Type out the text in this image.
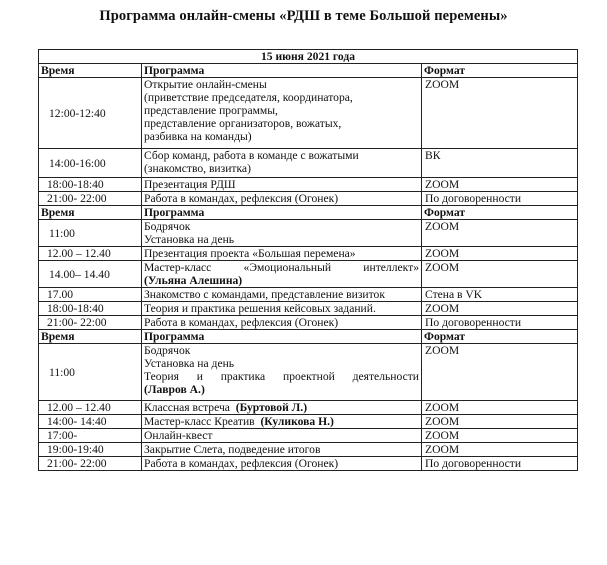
Программа онлайн-смены «РДШ в теме Большой перемены»
15 июня 2021 года		
Время	Программа	Формат
12:00-12:40	Открытие онлайн-смены
(приветствие председателя, координатора,
представление программы,
представление организаторов, вожатых,
разбивка на команды)	ZOOM
14:00-16:00	Сбор команд, работа в команде с вожатыми
(знакомство, визитка)	ВК
18:00-18:40	Презентация РДШ	ZOOM
21:00- 22:00	Работа в командах, рефлексия (Огонек)	По договоренности
Время	Программа	Формат
11:00	Бодрячок
Установка на день	ZOOM
12.00 – 12.40	Презентация проекта «Большая перемена»	ZOOM
14.00– 14.40	Мастер-класс «Эмоциональный интеллект»
(Ульяна Алешина)	ZOOM
17.00	Знакомство с командами, представление визиток	Стена в VK
18:00-18:40	Теория и практика решения кейсовых заданий.	ZOOM
21:00- 22:00	Работа в командах, рефлексия (Огонек)	По договоренности
Время	Программа	Формат
11:00	Бодрячок
Установка на день
Теория и практика проектной деятельности
(Лавров А.)	ZOOM
12.00 – 12.40	Классная встреча (Буртовой Л.)	ZOOM
14:00- 14:40	Мастер-класс Креатив (Куликова Н.)	ZOOM
17:00-	Онлайн-квест	ZOOM
19:00-19:40	Закрытие Слета, подведение итогов	ZOOM
21:00- 22:00	Работа в командах, рефлексия (Огонек)	По договоренности
